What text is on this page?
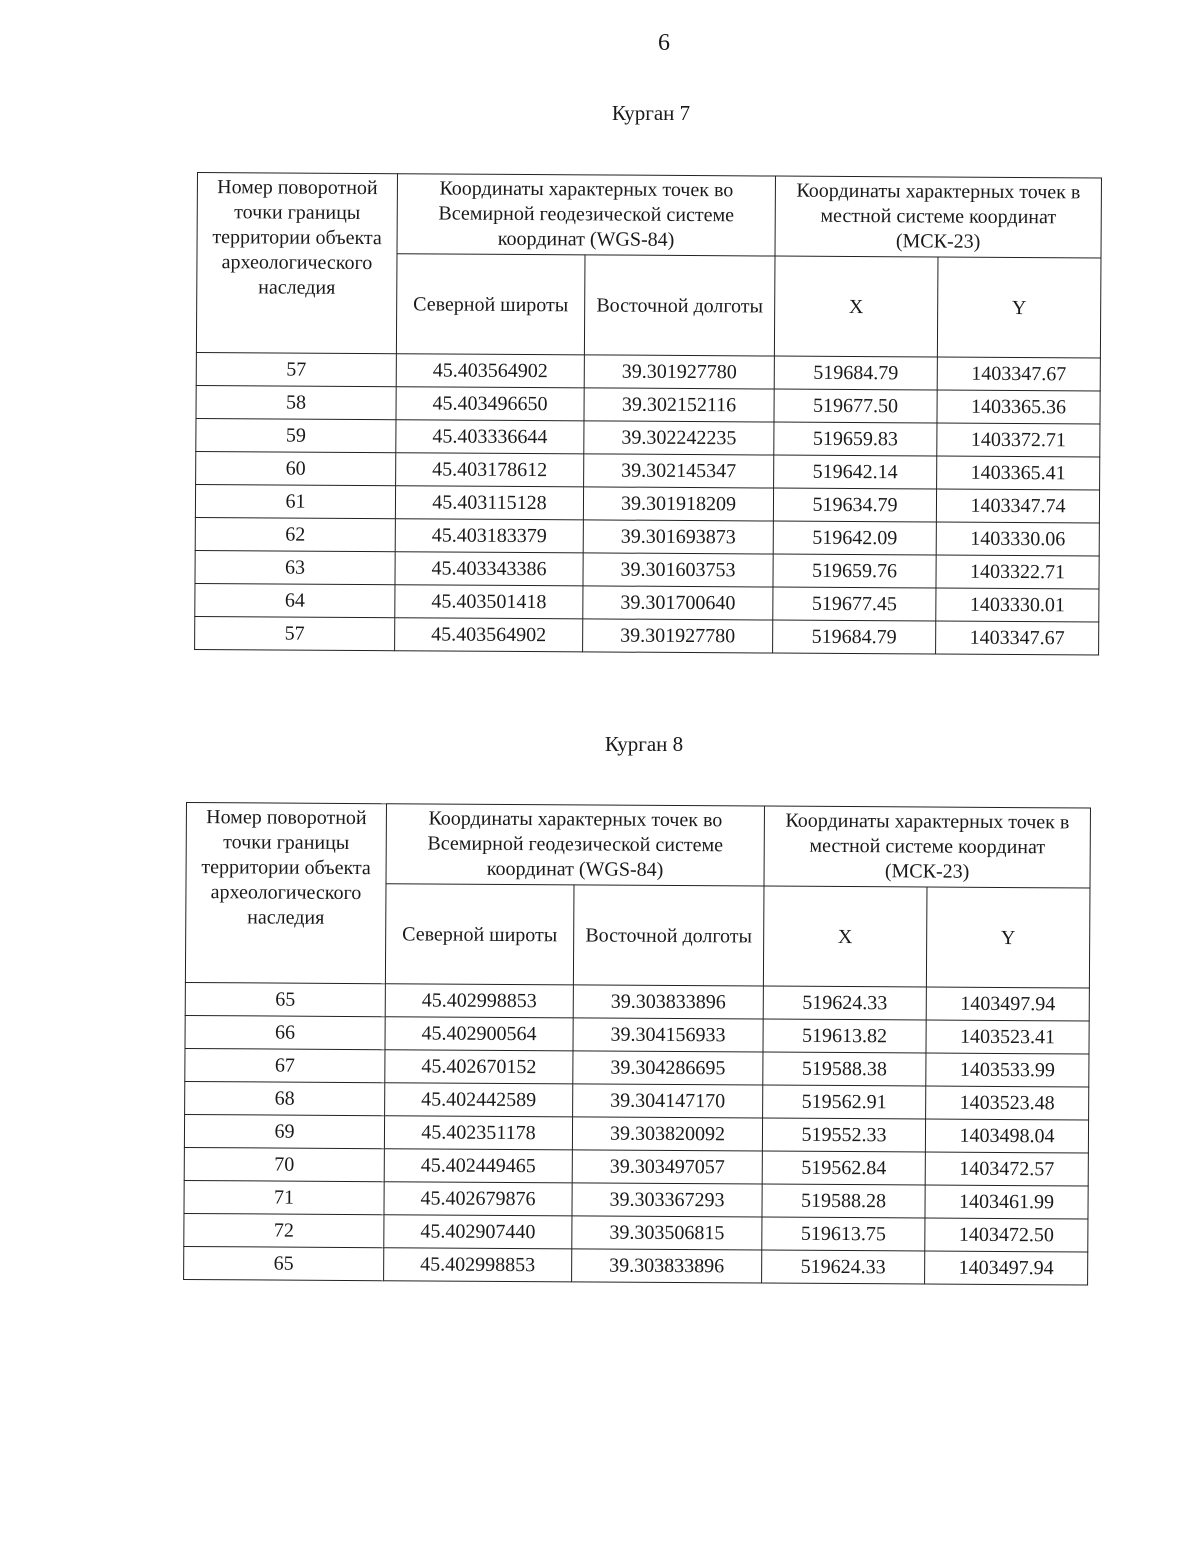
6
Курган 7
Номер поворотной точки границы территории объекта археологического наследия	Координаты характерных точек во Всемирной геодезической системе координат (WGS-84)		Координаты характерных точек в местной системе координат (МСК-23)	
	Северной широты	Восточной долготы	X	Y
57	45.403564902	39.301927780	519684.79	1403347.67
58	45.403496650	39.302152116	519677.50	1403365.36
59	45.403336644	39.302242235	519659.83	1403372.71
60	45.403178612	39.302145347	519642.14	1403365.41
61	45.403115128	39.301918209	519634.79	1403347.74
62	45.403183379	39.301693873	519642.09	1403330.06
63	45.403343386	39.301603753	519659.76	1403322.71
64	45.403501418	39.301700640	519677.45	1403330.01
57	45.403564902	39.301927780	519684.79	1403347.67
Курган 8
Номер поворотной точки границы территории объекта археологического наследия	Координаты характерных точек во Всемирной геодезической системе координат (WGS-84)		Координаты характерных точек в местной системе координат (МСК-23)	
	Северной широты	Восточной долготы	X	Y
65	45.402998853	39.303833896	519624.33	1403497.94
66	45.402900564	39.304156933	519613.82	1403523.41
67	45.402670152	39.304286695	519588.38	1403533.99
68	45.402442589	39.304147170	519562.91	1403523.48
69	45.402351178	39.303820092	519552.33	1403498.04
70	45.402449465	39.303497057	519562.84	1403472.57
71	45.402679876	39.303367293	519588.28	1403461.99
72	45.402907440	39.303506815	519613.75	1403472.50
65	45.402998853	39.303833896	519624.33	1403497.94
